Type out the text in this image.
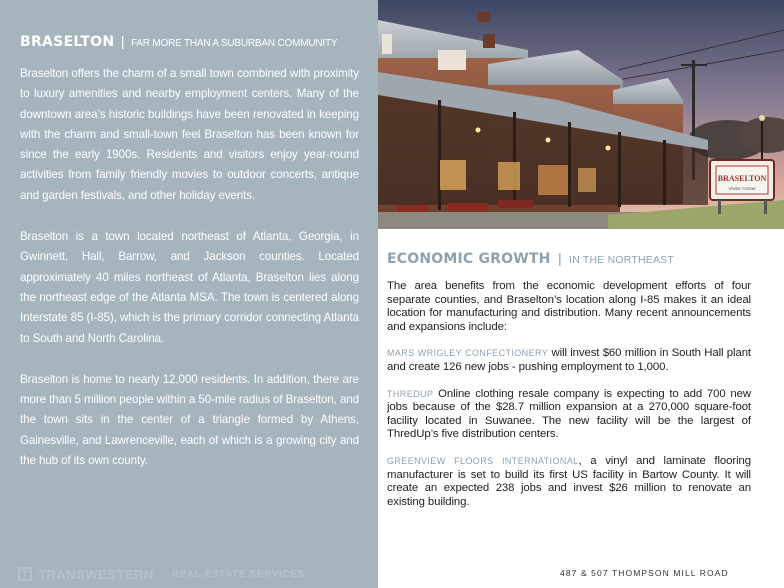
BRASELTON | FAR MORE THAN A SUBURBAN COMMUNITY

Braselton offers the charm of a small town combined with proximity to luxury amenities and nearby employment centers. Many of the downtown area’s historic buildings have been renovated in keeping with the charm and small-town feel Braselton has been known for since the early 1900s. Residents and visitors enjoy year-round activities from family friendly movies to outdoor concerts, antique and garden festivals, and other holiday events.

Braselton is a town located northeast of Atlanta, Georgia, in Gwinnett, Hall, Barrow, and Jackson counties. Located approximately 40 miles northeast of Atlanta, Braselton lies along the northeast edge of the Atlanta MSA. The town is centered along Interstate 85 (I-85), which is the primary corridor connecting Atlanta to South and North Carolina.

Braselton is home to nearly 12,000 residents. In addition, there are more than 5 million people within a 50-mile radius of Braselton, and the town sits in the center of a triangle formed by Athens, Gainesville, and Lawrenceville, each of which is a growing city and the hub of its own county.

T TRANSWESTERN REAL ESTATE SERVICES
BRASELTON
Visitor Center
ECONOMIC GROWTH | IN THE NORTHEAST

The area benefits from the economic development efforts of four separate counties, and Braselton’s location along I-85 makes it an ideal location for manufacturing and distribution. Many recent announcements and expansions include:

MARS WRIGLEY CONFECTIONERY will invest $60 million in South Hall plant and create 126 new jobs - pushing employment to 1,000.

THREDUP Online clothing resale company is expecting to add 700 new jobs because of the $28.7 million expansion at a 270,000 square-foot facility located in Suwanee. The new facility will be the largest of ThredUp’s five distribution centers.

GREENVIEW FLOORS INTERNATIONAL, a vinyl and laminate flooring manufacturer is set to build its first US facility in Bartow County. It will create an expected 238 jobs and invest $26 million to renovate an existing building.

487 & 507 THOMPSON MILL ROAD
